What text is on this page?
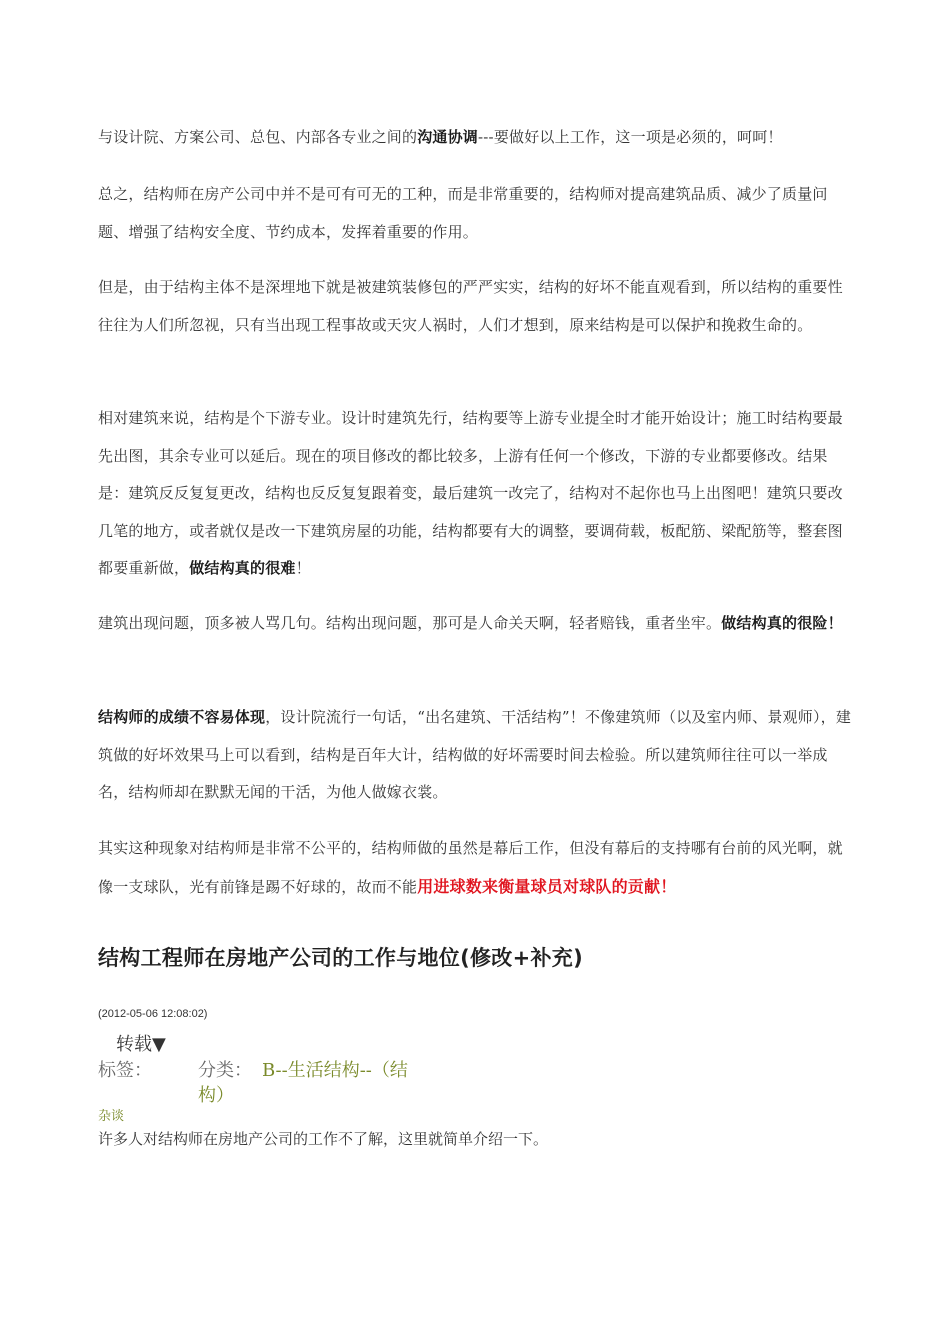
与设计院、方案公司、总包、内部各专业之间的沟通协调---要做好以上工作，这一项是必须的，呵呵！

总之，结构师在房产公司中并不是可有可无的工种，而是非常重要的，结构师对提高建筑品质、减少了质量问题、增强了结构安全度、节约成本，发挥着重要的作用。

但是，由于结构主体不是深埋地下就是被建筑装修包的严严实实，结构的好坏不能直观看到，所以结构的重要性往往为人们所忽视，只有当出现工程事故或天灾人祸时，人们才想到，原来结构是可以保护和挽救生命的。

相对建筑来说，结构是个下游专业。设计时建筑先行，结构要等上游专业提全时才能开始设计；施工时结构要最先出图，其余专业可以延后。现在的项目修改的都比较多，上游有任何一个修改，下游的专业都要修改。结果是：建筑反反复复更改，结构也反反复复跟着变，最后建筑一改完了，结构对不起你也马上出图吧！建筑只要改几笔的地方，或者就仅是改一下建筑房屋的功能，结构都要有大的调整，要调荷载，板配筋、梁配筋等，整套图都要重新做，做结构真的很难！

建筑出现问题，顶多被人骂几句。结构出现问题，那可是人命关天啊，轻者赔钱，重者坐牢。做结构真的很险！

结构师的成绩不容易体现，设计院流行一句话，“出名建筑、干活结构”！不像建筑师（以及室内师、景观师），建筑做的好坏效果马上可以看到，结构是百年大计，结构做的好坏需要时间去检验。所以建筑师往往可以一举成名，结构师却在默默无闻的干活，为他人做嫁衣裳。

其实这种现象对结构师是非常不公平的，结构师做的虽然是幕后工作，但没有幕后的支持哪有台前的风光啊，就像一支球队，光有前锋是踢不好球的，故而不能用进球数来衡量球员对球队的贡献！

结构工程师在房地产公司的工作与地位(修改+补充)
(2012-05-06 12:08:02)
转载▼
标签：	分类： B--生活结构--（结
构）
杂谈
许多人对结构师在房地产公司的工作不了解，这里就简单介绍一下。
